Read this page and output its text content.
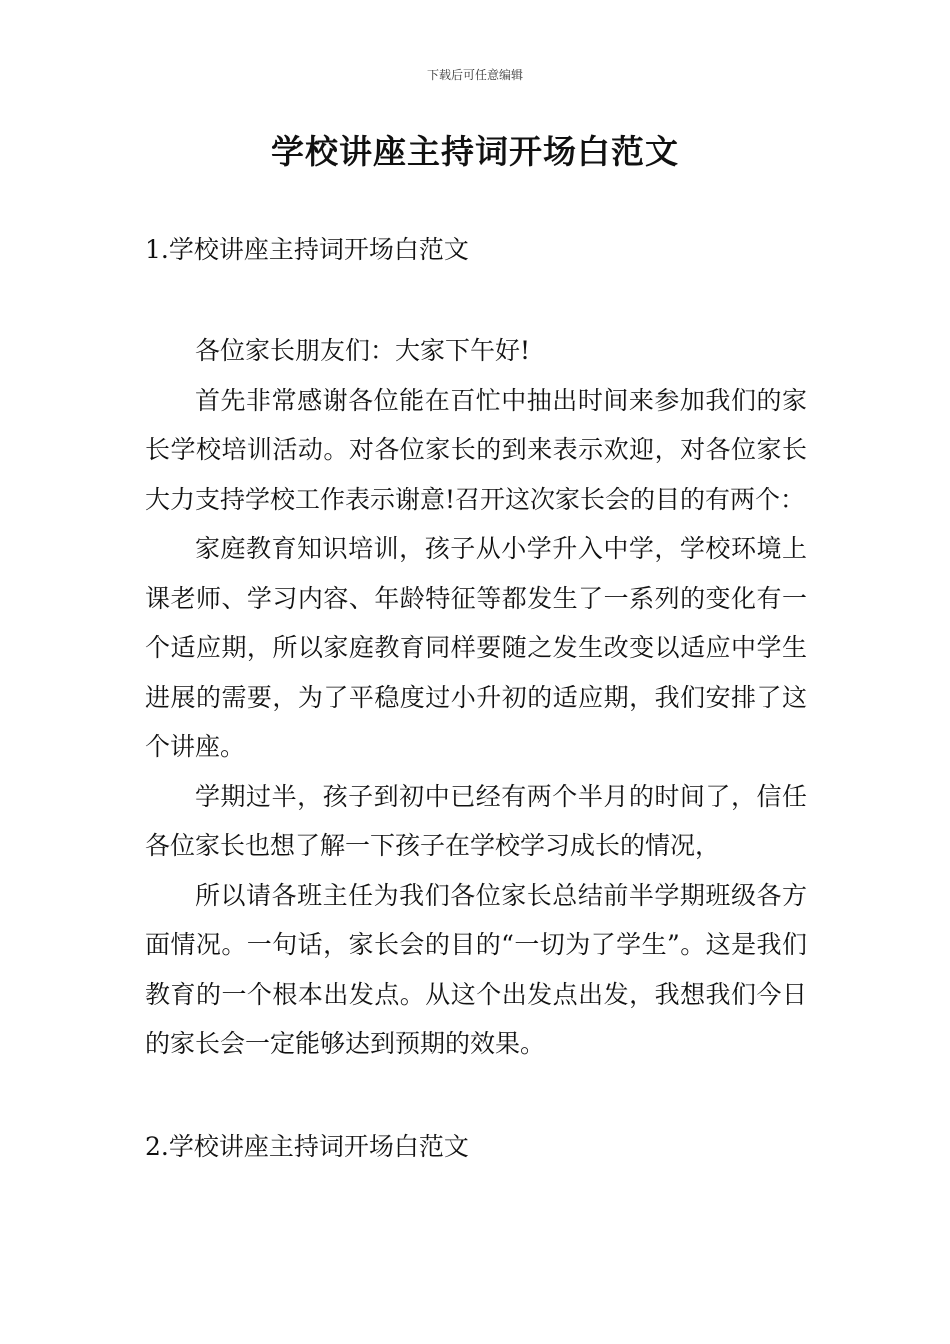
下载后可任意编辑
学校讲座主持词开场白范文
1.学校讲座主持词开场白范文

各位家长朋友们：大家下午好!

首先非常感谢各位能在百忙中抽出时间来参加我们的家长学校培训活动。对各位家长的到来表示欢迎，对各位家长大力支持学校工作表示谢意!召开这次家长会的目的有两个：

家庭教育知识培训，孩子从小学升入中学，学校环境上课老师、学习内容、年龄特征等都发生了一系列的变化有一个适应期，所以家庭教育同样要随之发生改变以适应中学生进展的需要，为了平稳度过小升初的适应期，我们安排了这个讲座。

学期过半，孩子到初中已经有两个半月的时间了，信任各位家长也想了解一下孩子在学校学习成长的情况，

所以请各班主任为我们各位家长总结前半学期班级各方面情况。一句话，家长会的目的“一切为了学生”。这是我们教育的一个根本出发点。从这个出发点出发，我想我们今日的家长会一定能够达到预期的效果。

2.学校讲座主持词开场白范文
